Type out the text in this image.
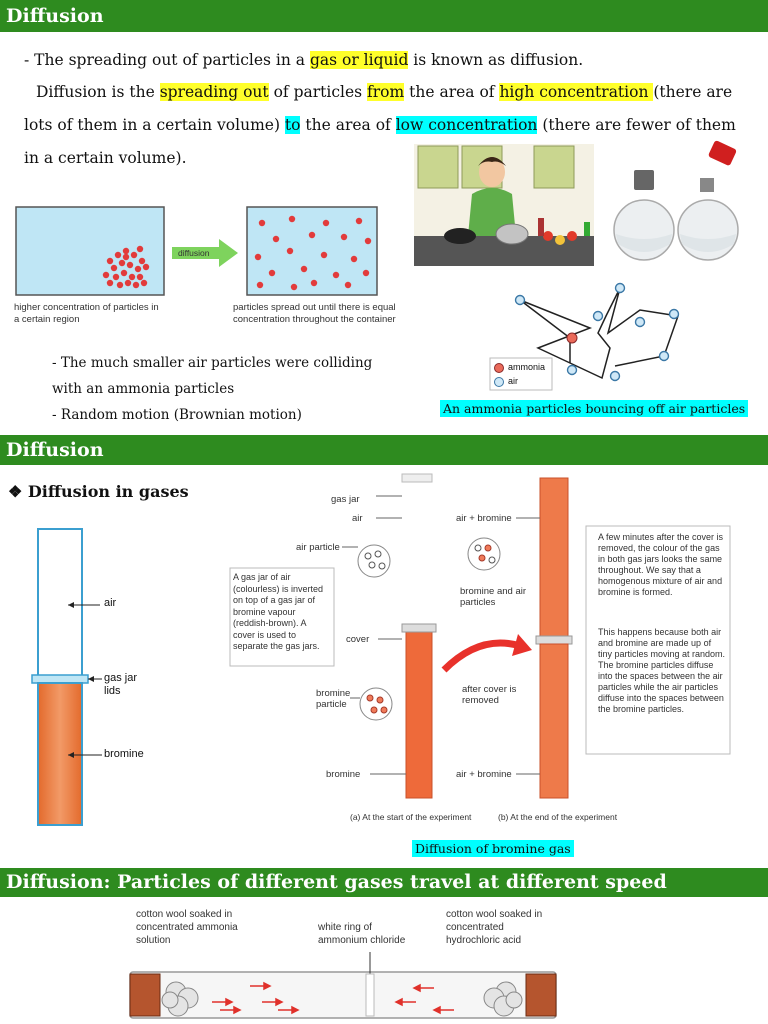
Diffusion
- The spreading out of particles in a gas or liquid is known as diffusion.
Diffusion is the spreading out of particles from the area of high concentration (there are lots of them in a certain volume) to the area of low concentration (there are fewer of them in a certain volume).
higher concentration of particles in a certain region
diffusion
particles spread out until there is equal concentration throughout the container
ammonia
air
- The much smaller air particles were colliding
with an ammonia particles
- Random motion (Brownian motion)	An ammonia particles bouncing off air particles
Diffusion
❖ Diffusion in gases
air
gas jar lids
bromine
gas jar
air
air particle
A gas jar of air (colourless) is inverted on top of a gas jar of bromine vapour (reddish-brown). A cover is used to separate the gas jars.
cover
bromine particle
bromine
air + bromine
bromine and air particles
after cover is removed
air + bromine
A few minutes after the cover is removed, the colour of the gas in both gas jars looks the same throughout. We say that a homogenous mixture of air and bromine is formed.
This happens because both air and bromine are made up of tiny particles moving at random. The bromine particles diffuse into the spaces between the air particles while the air particles diffuse into the spaces between the bromine particles.
(a) At the start of the experiment	(b) At the end of the experiment
Diffusion of bromine gas
Diffusion: Particles of different gases travel at different speed
cotton wool soaked in concentrated ammonia solution
white ring of ammonium chloride
cotton wool soaked in concentrated hydrochloric acid
